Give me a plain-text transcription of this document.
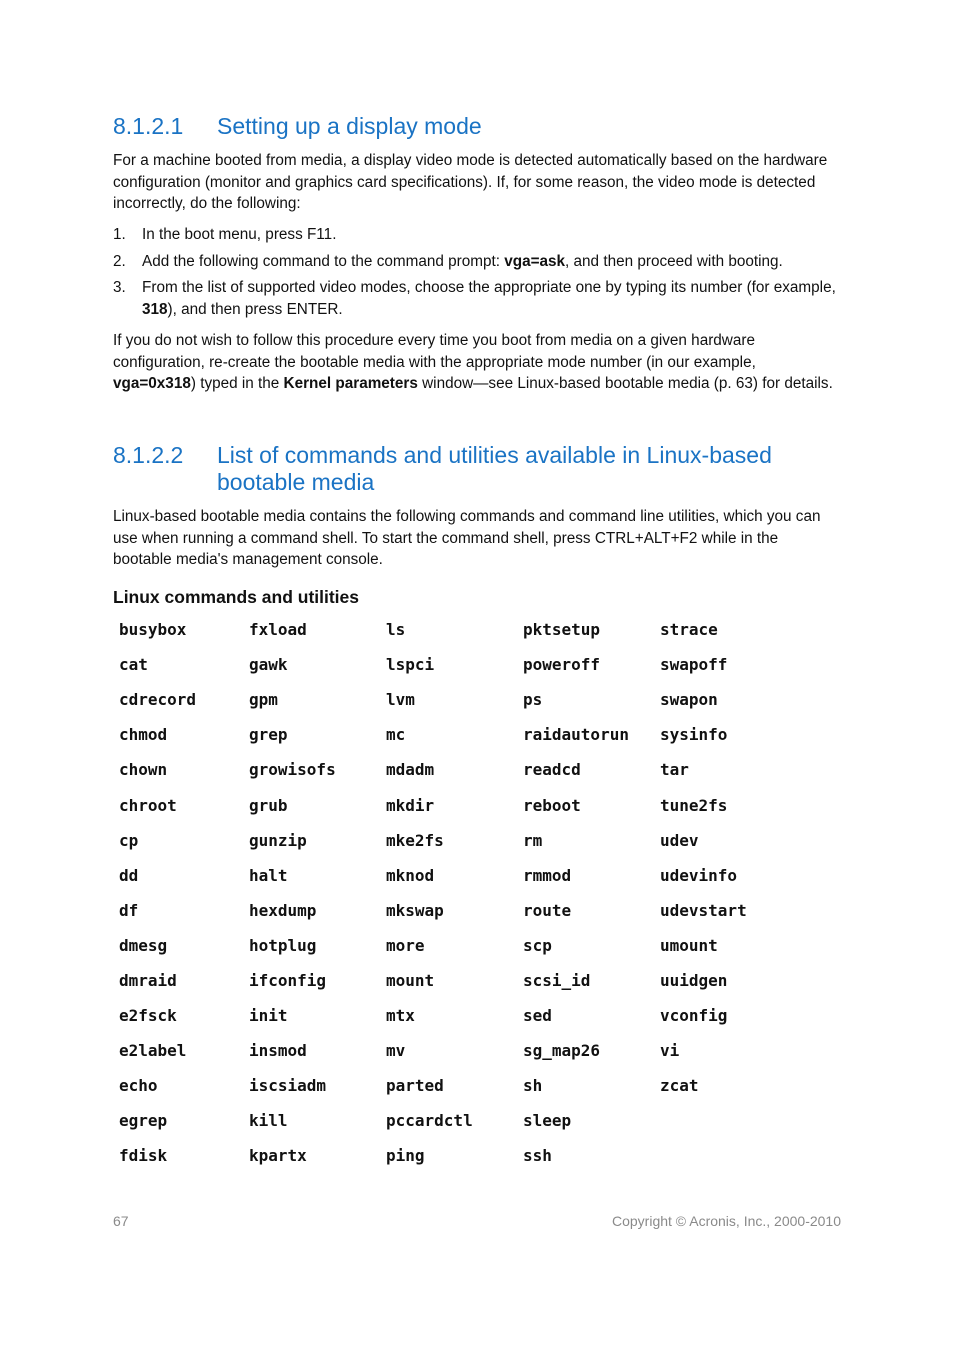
8.1.2.1 Setting up a display mode

For a machine booted from media, a display video mode is detected automatically based on the hardware configuration (monitor and graphics card specifications). If, for some reason, the video mode is detected incorrectly, do the following:

1. In the boot menu, press F11.
2. Add the following command to the command prompt: vga=ask, and then proceed with booting.
3. From the list of supported video modes, choose the appropriate one by typing its number (for example, 318), and then press ENTER.

If you do not wish to follow this procedure every time you boot from media on a given hardware configuration, re-create the bootable media with the appropriate mode number (in our example, vga=0x318) typed in the Kernel parameters window—see Linux-based bootable media (p. 63) for details.

8.1.2.2 List of commands and utilities available in Linux-based bootable media

Linux-based bootable media contains the following commands and command line utilities, which you can use when running a command shell. To start the command shell, press CTRL+ALT+F2 while in the bootable media's management console.

Linux commands and utilities
busybox	fxload	ls	pktsetup	strace
cat	gawk	lspci	poweroff	swapoff
cdrecord	gpm	lvm	ps	swapon
chmod	grep	mc	raidautorun	sysinfo
chown	growisofs	mdadm	readcd	tar
chroot	grub	mkdir	reboot	tune2fs
cp	gunzip	mke2fs	rm	udev
dd	halt	mknod	rmmod	udevinfo
df	hexdump	mkswap	route	udevstart
dmesg	hotplug	more	scp	umount
dmraid	ifconfig	mount	scsi_id	uuidgen
e2fsck	init	mtx	sed	vconfig
e2label	insmod	mv	sg_map26	vi
echo	iscsiadm	parted	sh	zcat
egrep	kill	pccardctl	sleep	
fdisk	kpartx	ping	ssh	
67	Copyright © Acronis, Inc., 2000-2010
